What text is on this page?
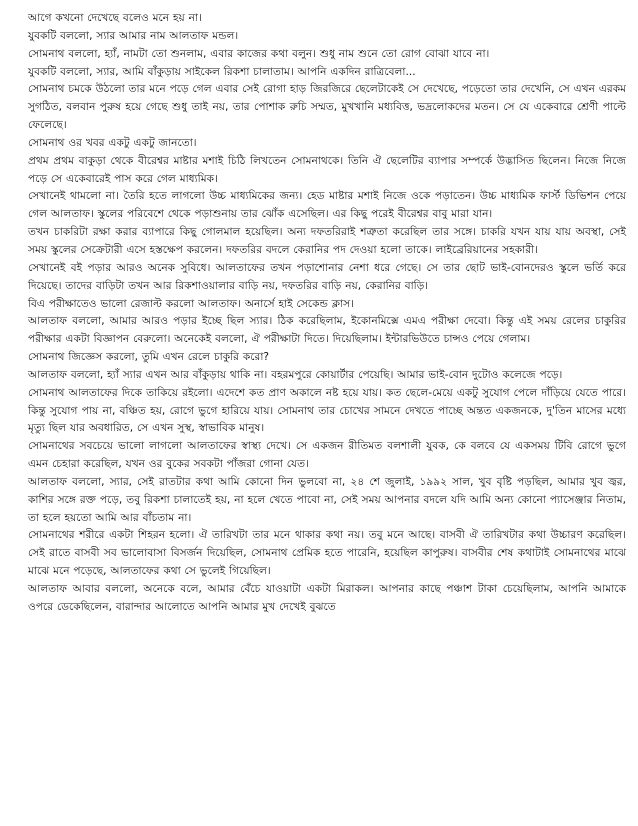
আগে কখনো দেখেছে বলেও মনে হয় না।

যুবকটি বললো, স্যার আমার নাম আলতাফ মন্ডল।

সোমনাথ বললো, হ্যাঁ, নামটা তো শুনলাম, এবার কাজের কথা বলুন। শুধু নাম শুনে তো রোগ বোঝা যাবে না।

যুবকটি বললো, স্যার, আমি বাঁকুড়ায় সাইকেল রিকশা চালাতাম। আপনি একদিন রাত্রিবেলা...

সোমনাথ চমকে উঠলো তার মনে পড়ে গেল এবার সেই রোগা হাড় জিরজিরে ছেলেটাকেই সে দেখেছে, পড়েতো তার দেখেনি, সে এখন এরকম সুগঠিত, বলবান পুরুষ হয়ে গেছে শুধু তাই নয়, তার পোশাক রুচি সম্মত, মুখখানি মধ্যবিত্ত, ভদ্রলোকদের মতন। সে যে একেবারে শ্রেণী পাল্টে ফেলেছে।

সোমনাথ ওর খবর একটু একটু জানতো।

প্রথম প্রথম বাকুড়া থেকে বীরেশ্বর মাষ্টার মশাই চিঠি লিখতেন সোমনাথকে। তিনি ঐ ছেলেটির ব্যাপার সম্পর্কে উদ্ভাসিত ছিলেন। নিজে নিজে পড়ে সে একেবারেই পাস করে গেল মাধ্যমিক।

সেখানেই থামলো না। তৈরি হতে লাগলো উচ্চ মাধ্যমিকের জন্য। হেড মাষ্টার মশাই নিজে ওকে পড়াতেন। উচ্চ মাধ্যমিক ফার্স্ট ডিভিশন পেয়ে গেল আলতাফ। স্কুলের পরিবেশে থেকে পড়াশুনায় তার ঝোঁক এসেছিল। এর কিছু পরেই বীরেশ্বর বাবু মারা যান।

তখন চাকরিটা রক্ষা করার ব্যাপারে কিছু গোলমাল হয়েছিল। অন্য দফতরিরাই শত্রুতা করেছিল তার সঙ্গে। চাকরি যখন যায় যায় অবস্থা, সেই সময় স্কুলের সেক্রেটারী এসে হস্তক্ষেপ করলেন। দফতরির বদলে কেরানির পদ দেওয়া হলো তাকে। লাইব্রেরিয়ানের সহকারী।

সেখানেই বই পড়ার আরও অনেক সুবিধে। আলতাফের তখন পড়াশোনার নেশা ধরে গেছে। সে তার ছোট ভাই-বোনদেরও স্কুলে ভর্তি করে দিয়েছে। তাদের বাড়িটা তখন আর রিকশাওয়ালার বাড়ি নয়, দফতরির বাড়ি নয়, কেরানির বাড়ি।

বিএ পরীক্ষাতেও ভালো রেজাল্ট করলো আলতাফ। অনার্সে হাই সেকেন্ড ক্লাস।

আলতাফ বললো, আমার আরও পড়ার ইচ্ছে ছিল স্যার। ঠিক করেছিলাম, ইকোনমিক্সে এমএ পরীক্ষা দেবো। কিন্তু এই সময় রেলের চাকুরির পরীক্ষার একটা বিজ্ঞাপন বেরুলো। অনেকেই বললো, ঐ পরীক্ষাটা দিতে। দিয়েছিলাম। ইন্টারভিউতে চান্সও পেয়ে গেলাম।

সোমনাথ জিজ্ঞেস করলো, তুমি এখন রেলে চাকুরি করো?

আলতাফ বললো, হ্যাঁ স্যার এখন আর বাঁকুড়ায় থাকি না। বহরমপুরে কোয়ার্টার পেয়েছি। আমার ভাই-বোন দুটোও কলেজে পড়ে।

সোমনাথ আলতাফের দিকে তাকিয়ে রইলো। এদেশে কত প্রাণ অকালে নষ্ট হয়ে যায়। কত ছেলে-মেয়ে একটু সুযোগ পেলে দাঁড়িয়ে যেতে পারে। কিন্তু সুযোগ পায় না, বঞ্চিত হয়, রোগে ভুগে হারিয়ে যায়। সোমনাথ তার চোখের সামনে দেখতে পাচ্ছে অন্তত একজনকে, দু'তিন মাসের মধ্যে মৃত্যু ছিল যার অবধারিত, সে এখন সুস্থ, স্বাভাবিক মানুষ।

সোমনাথের সবচেয়ে ভালো লাগলো আলতাফের স্বাস্থ্য দেখে। সে একজন রীতিমত বলশালী যুবক, কে বলবে যে একসময় টিবি রোগে ভুগে এমন চেহারা করেছিল, যখন ওর বুকের সবকটা পাঁজরা গোনা যেত।

আলতাফ বললো, স্যার, সেই রাতটার কথা আমি কোনো দিন ভুলবো না, ২৪ শে জুলাই, ১৯৯২ সাল, খুব বৃষ্টি পড়ছিল, আমার খুব জ্বর, কাশির সঙ্গে রক্ত পড়ে, তবু রিকশা চালাতেই হয়, না হলে খেতে পাবো না, সেই সময় আপনার বদলে যদি আমি অন্য কোনো প্যাসেঞ্জার নিতাম, তা হলে হয়তো আমি আর বাঁচতাম না।

সোমনাথের শরীরে একটা শিহরন হলো। ঐ তারিখটা তার মনে থাকার কথা নয়। তবু মনে আছে। বাসবী ঐ তারিখটার কথা উচ্চারণ করেছিল। সেই রাতে বাসবী সব ভালোবাসা বিসর্জন দিয়েছিল, সোমনাথ প্রেমিক হতে পারেনি, হয়েছিল কাপুরুষ। বাসবীর শেষ কথাটাই সোমনাথের মাঝে মাঝে মনে পড়েছে, আলতাফের কথা সে ভুলেই গিয়েছিল।

আলতাফ আবার বললো, অনেকে বলে, আমার বেঁচে যাওয়াটা একটা মিরাকল। আপনার কাছে পঞ্চাশ টাকা চেয়েছিলাম, আপনি আমাকে ওপরে ডেকেছিলেন, বারান্দার আলোতে আপনি আমার মুখ দেখেই বুঝতে
